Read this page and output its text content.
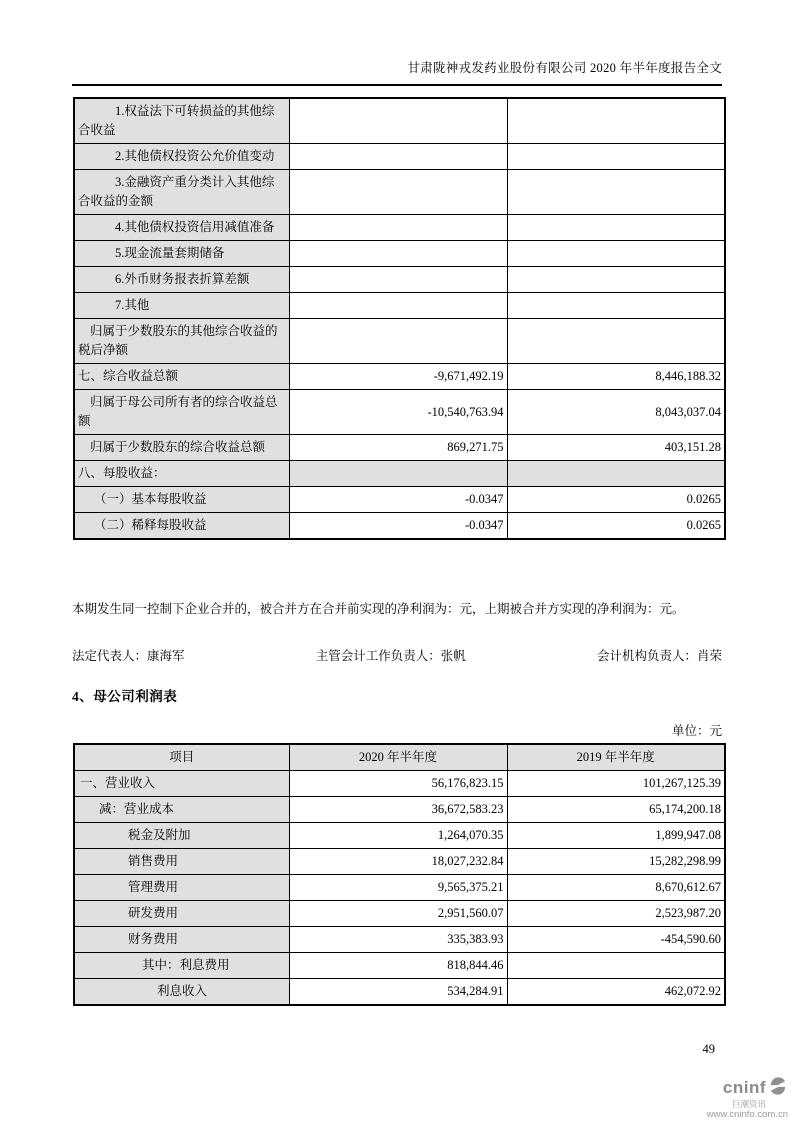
甘肃陇神戎发药业股份有限公司 2020 年半年度报告全文
1.权益法下可转损益的其他综合收益		
2.其他债权投资公允价值变动		
3.金融资产重分类计入其他综合收益的金额		
4.其他债权投资信用减值准备		
5.现金流量套期储备		
6.外币财务报表折算差额		
7.其他		
归属于少数股东的其他综合收益的税后净额		
七、综合收益总额	-9,671,492.19	8,446,188.32
归属于母公司所有者的综合收益总额	-10,540,763.94	8,043,037.04
归属于少数股东的综合收益总额	869,271.75	403,151.28
八、每股收益：		
（一）基本每股收益	-0.0347	0.0265
（二）稀释每股收益	-0.0347	0.0265

本期发生同一控制下企业合并的，被合并方在合并前实现的净利润为：元，上期被合并方实现的净利润为：元。

法定代表人：康海军	主管会计工作负责人：张帆	会计机构负责人：肖荣
4、母公司利润表
单位：元
项目	2020 年半年度	2019 年半年度
一、营业收入	56,176,823.15	101,267,125.39
减：营业成本	36,672,583.23	65,174,200.18
税金及附加	1,264,070.35	1,899,947.08
销售费用	18,027,232.84	15,282,298.99
管理费用	9,565,375.21	8,670,612.67
研发费用	2,951,560.07	2,523,987.20
财务费用	335,383.93	-454,590.60
其中：利息费用	818,844.46	
利息收入	534,284.91	462,072.92
49
cninf
巨潮资讯
www.cninfo.com.cn
